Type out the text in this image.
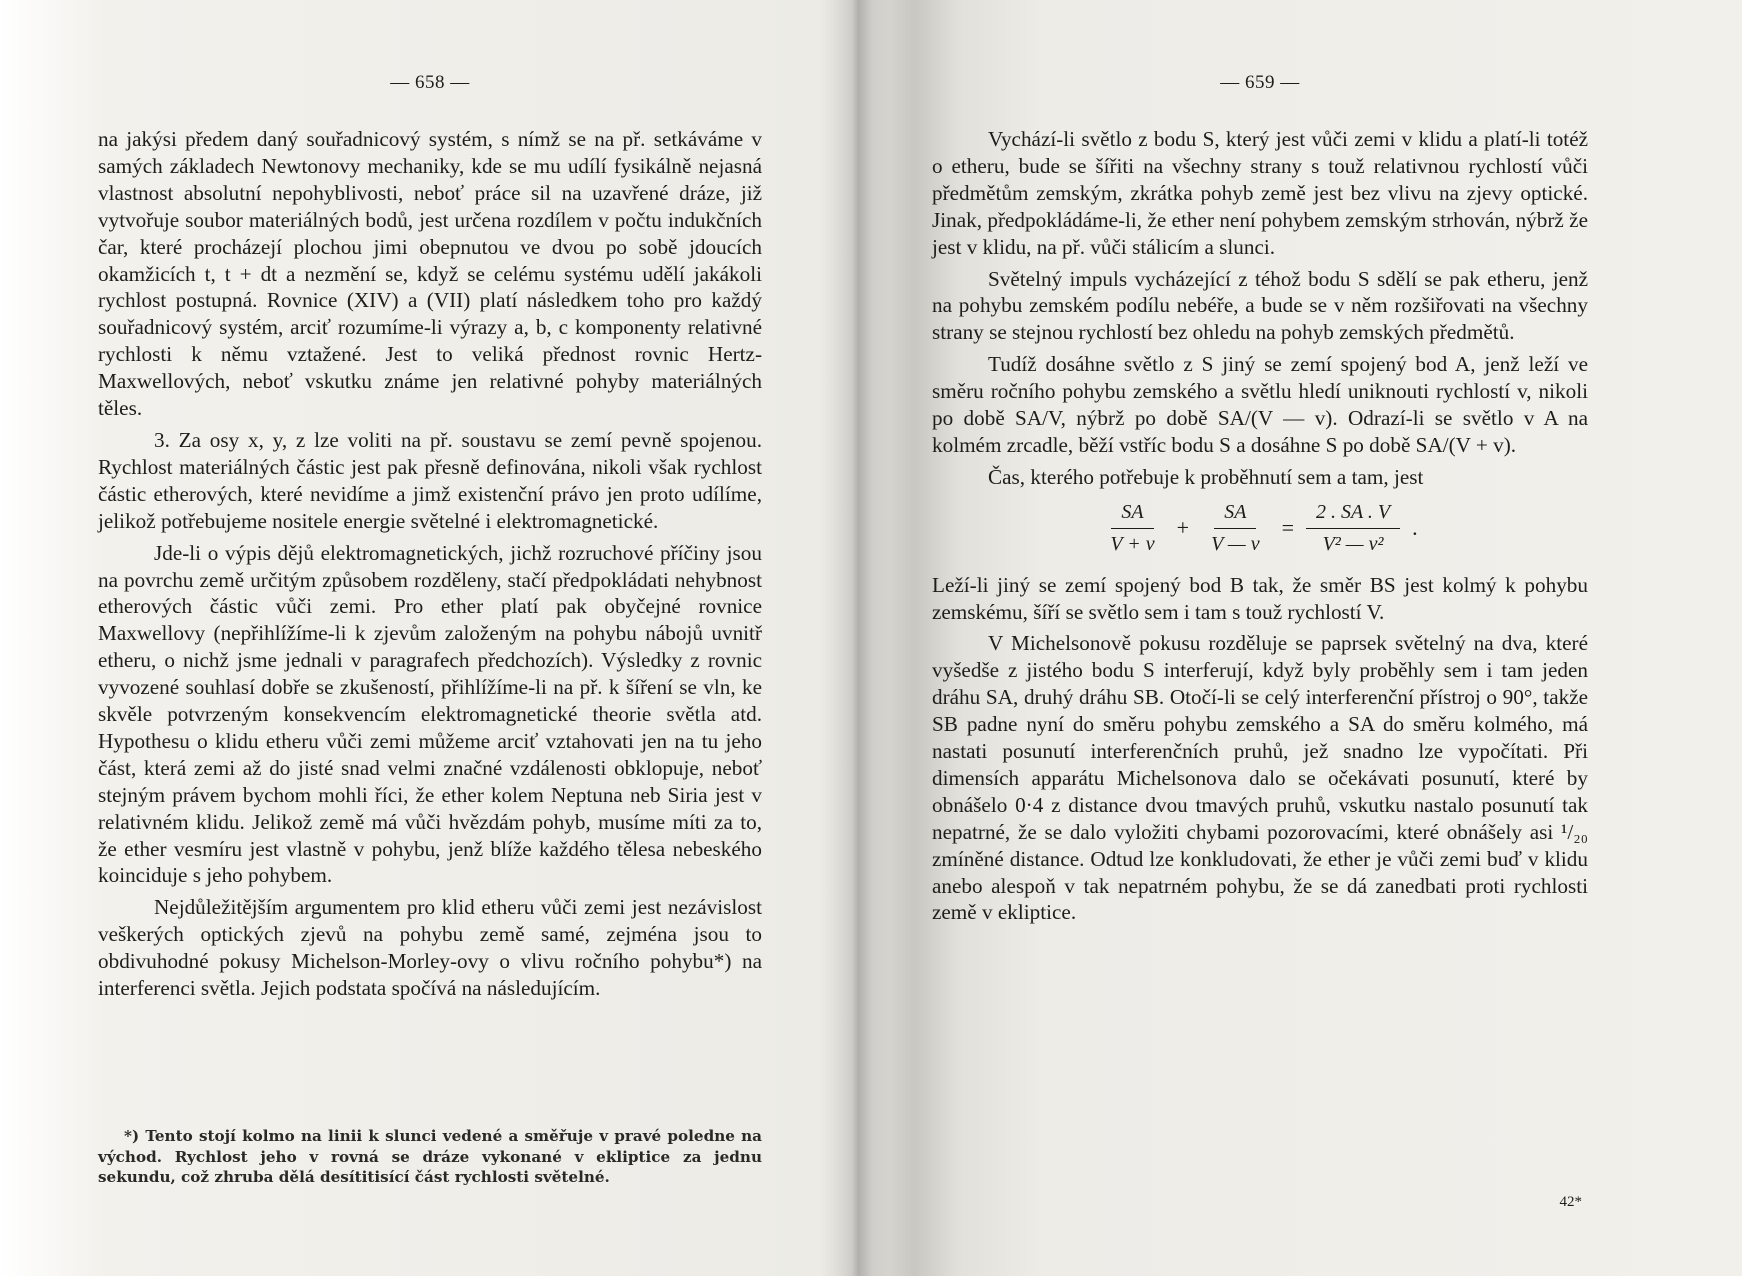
— 658 —

na jakýsi předem daný souřadnicový systém, s nímž se na př. setkáváme v samých základech Newtonovy mechaniky, kde se mu udílí fysikálně nejasná vlastnost absolutní nepohyblivosti, neboť práce sil na uzavřené dráze, již vytvořuje soubor materiálných bodů, jest určena rozdílem v počtu indukčních čar, které procházejí plochou jimi obepnutou ve dvou po sobě jdoucích okamžicích t, t + dt a nezmění se, když se celému systému udělí jakákoli rychlost postupná. Rovnice (XIV) a (VII) platí následkem toho pro každý souřadnicový systém, arciť rozumíme-li výrazy a, b, c komponenty relativné rychlosti k němu vztažené. Jest to veliká přednost rovnic Hertz-Maxwellových, neboť vskutku známe jen relativné pohyby materiálných těles.

3. Za osy x, y, z lze voliti na př. soustavu se zemí pevně spojenou. Rychlost materiálných částic jest pak přesně definována, nikoli však rychlost částic etherových, které nevidíme a jimž existenční právo jen proto udílíme, jelikož potřebujeme nositele energie světelné i elektromagnetické.

Jde-li o výpis dějů elektromagnetických, jichž rozruchové příčiny jsou na povrchu země určitým způsobem rozděleny, stačí předpokládati nehybnost etherových částic vůči zemi. Pro ether platí pak obyčejné rovnice Maxwellovy (nepřihlížíme-li k zjevům založeným na pohybu nábojů uvnitř etheru, o nichž jsme jednali v paragrafech předchozích). Výsledky z rovnic vyvozené souhlasí dobře se zkušeností, přihlížíme-li na př. k šíření se vln, ke skvěle potvrzeným konsekvencím elektromagnetické theorie světla atd. Hypothesu o klidu etheru vůči zemi můžeme arciť vztahovati jen na tu jeho část, která zemi až do jisté snad velmi značné vzdálenosti obklopuje, neboť stejným právem bychom mohli říci, že ether kolem Neptuna neb Siria jest v relativném klidu. Jelikož země má vůči hvězdám pohyb, musíme míti za to, že ether vesmíru jest vlastně v pohybu, jenž blíže každého tělesa nebeského koinciduje s jeho pohybem.

Nejdůležitějším argumentem pro klid etheru vůči zemi jest nezávislost veškerých optických zjevů na pohybu země samé, zejména jsou to obdivuhodné pokusy Michelson-Morley-ovy o vlivu ročního pohybu*) na interferenci světla. Jejich podstata spočívá na následujícím.

*) Tento stojí kolmo na linii k slunci vedené a směřuje v pravé poledne na východ. Rychlost jeho v rovná se dráze vykonané v ekliptice za jednu sekundu, což zhruba dělá desítitisící část rychlosti světelné.
— 659 —

Vychází-li světlo z bodu S, který jest vůči zemi v klidu a platí-li totéž o etheru, bude se šířiti na všechny strany s touž relativnou rychlostí vůči předmětům zemským, zkrátka pohyb země jest bez vlivu na zjevy optické. Jinak, předpokládáme-li, že ether není pohybem zemským strhován, nýbrž že jest v klidu, na př. vůči stálicím a slunci.

Světelný impuls vycházející z téhož bodu S sdělí se pak etheru, jenž na pohybu zemském podílu nebéře, a bude se v něm rozšiřovati na všechny strany se stejnou rychlostí bez ohledu na pohyb zemských předmětů.

Tudíž dosáhne světlo z S jiný se zemí spojený bod A, jenž leží ve směru ročního pohybu zemského a světlu hledí uniknouti rychlostí v, nikoli po době SA/V, nýbrž po době SA/(V — v). Odrazí-li se světlo v A na kolmém zrcadle, běží vstříc bodu S a dosáhne S po době SA/(V + v).

Čas, kterého potřebuje k proběhnutí sem a tam, jest

$\frac{SA}{V + v} + \frac{SA}{V — v} = \frac{2 . SA . V}{\text{V² — v²}}$ .

Leží-li jiný se zemí spojený bod B tak, že směr BS jest kolmý k pohybu zemskému, šíří se světlo sem i tam s touž rychlostí V.

V Michelsonově pokusu rozděluje se paprsek světelný na dva, které vyšedše z jistého bodu S interferují, když byly proběhly sem i tam jeden dráhu SA, druhý dráhu SB. Otočí-li se celý interferenční přístroj o 90°, takže SB padne nyní do směru pohybu zemského a SA do směru kolmého, má nastati posunutí interferenčních pruhů, jež snadno lze vypočítati. Při dimensích apparátu Michelsonova dalo se očekávati posunutí, které by obnášelo 0·4 z distance dvou tmavých pruhů, vskutku nastalo posunutí tak nepatrné, že se dalo vyložiti chybami pozorovacími, které obnášely asi ¹/₂₀ zmíněné distance. Odtud lze konkludovati, že ether je vůči zemi buď v klidu anebo alespoň v tak nepatrném pohybu, že se dá zanedbati proti rychlosti země v ekliptice.

42*
